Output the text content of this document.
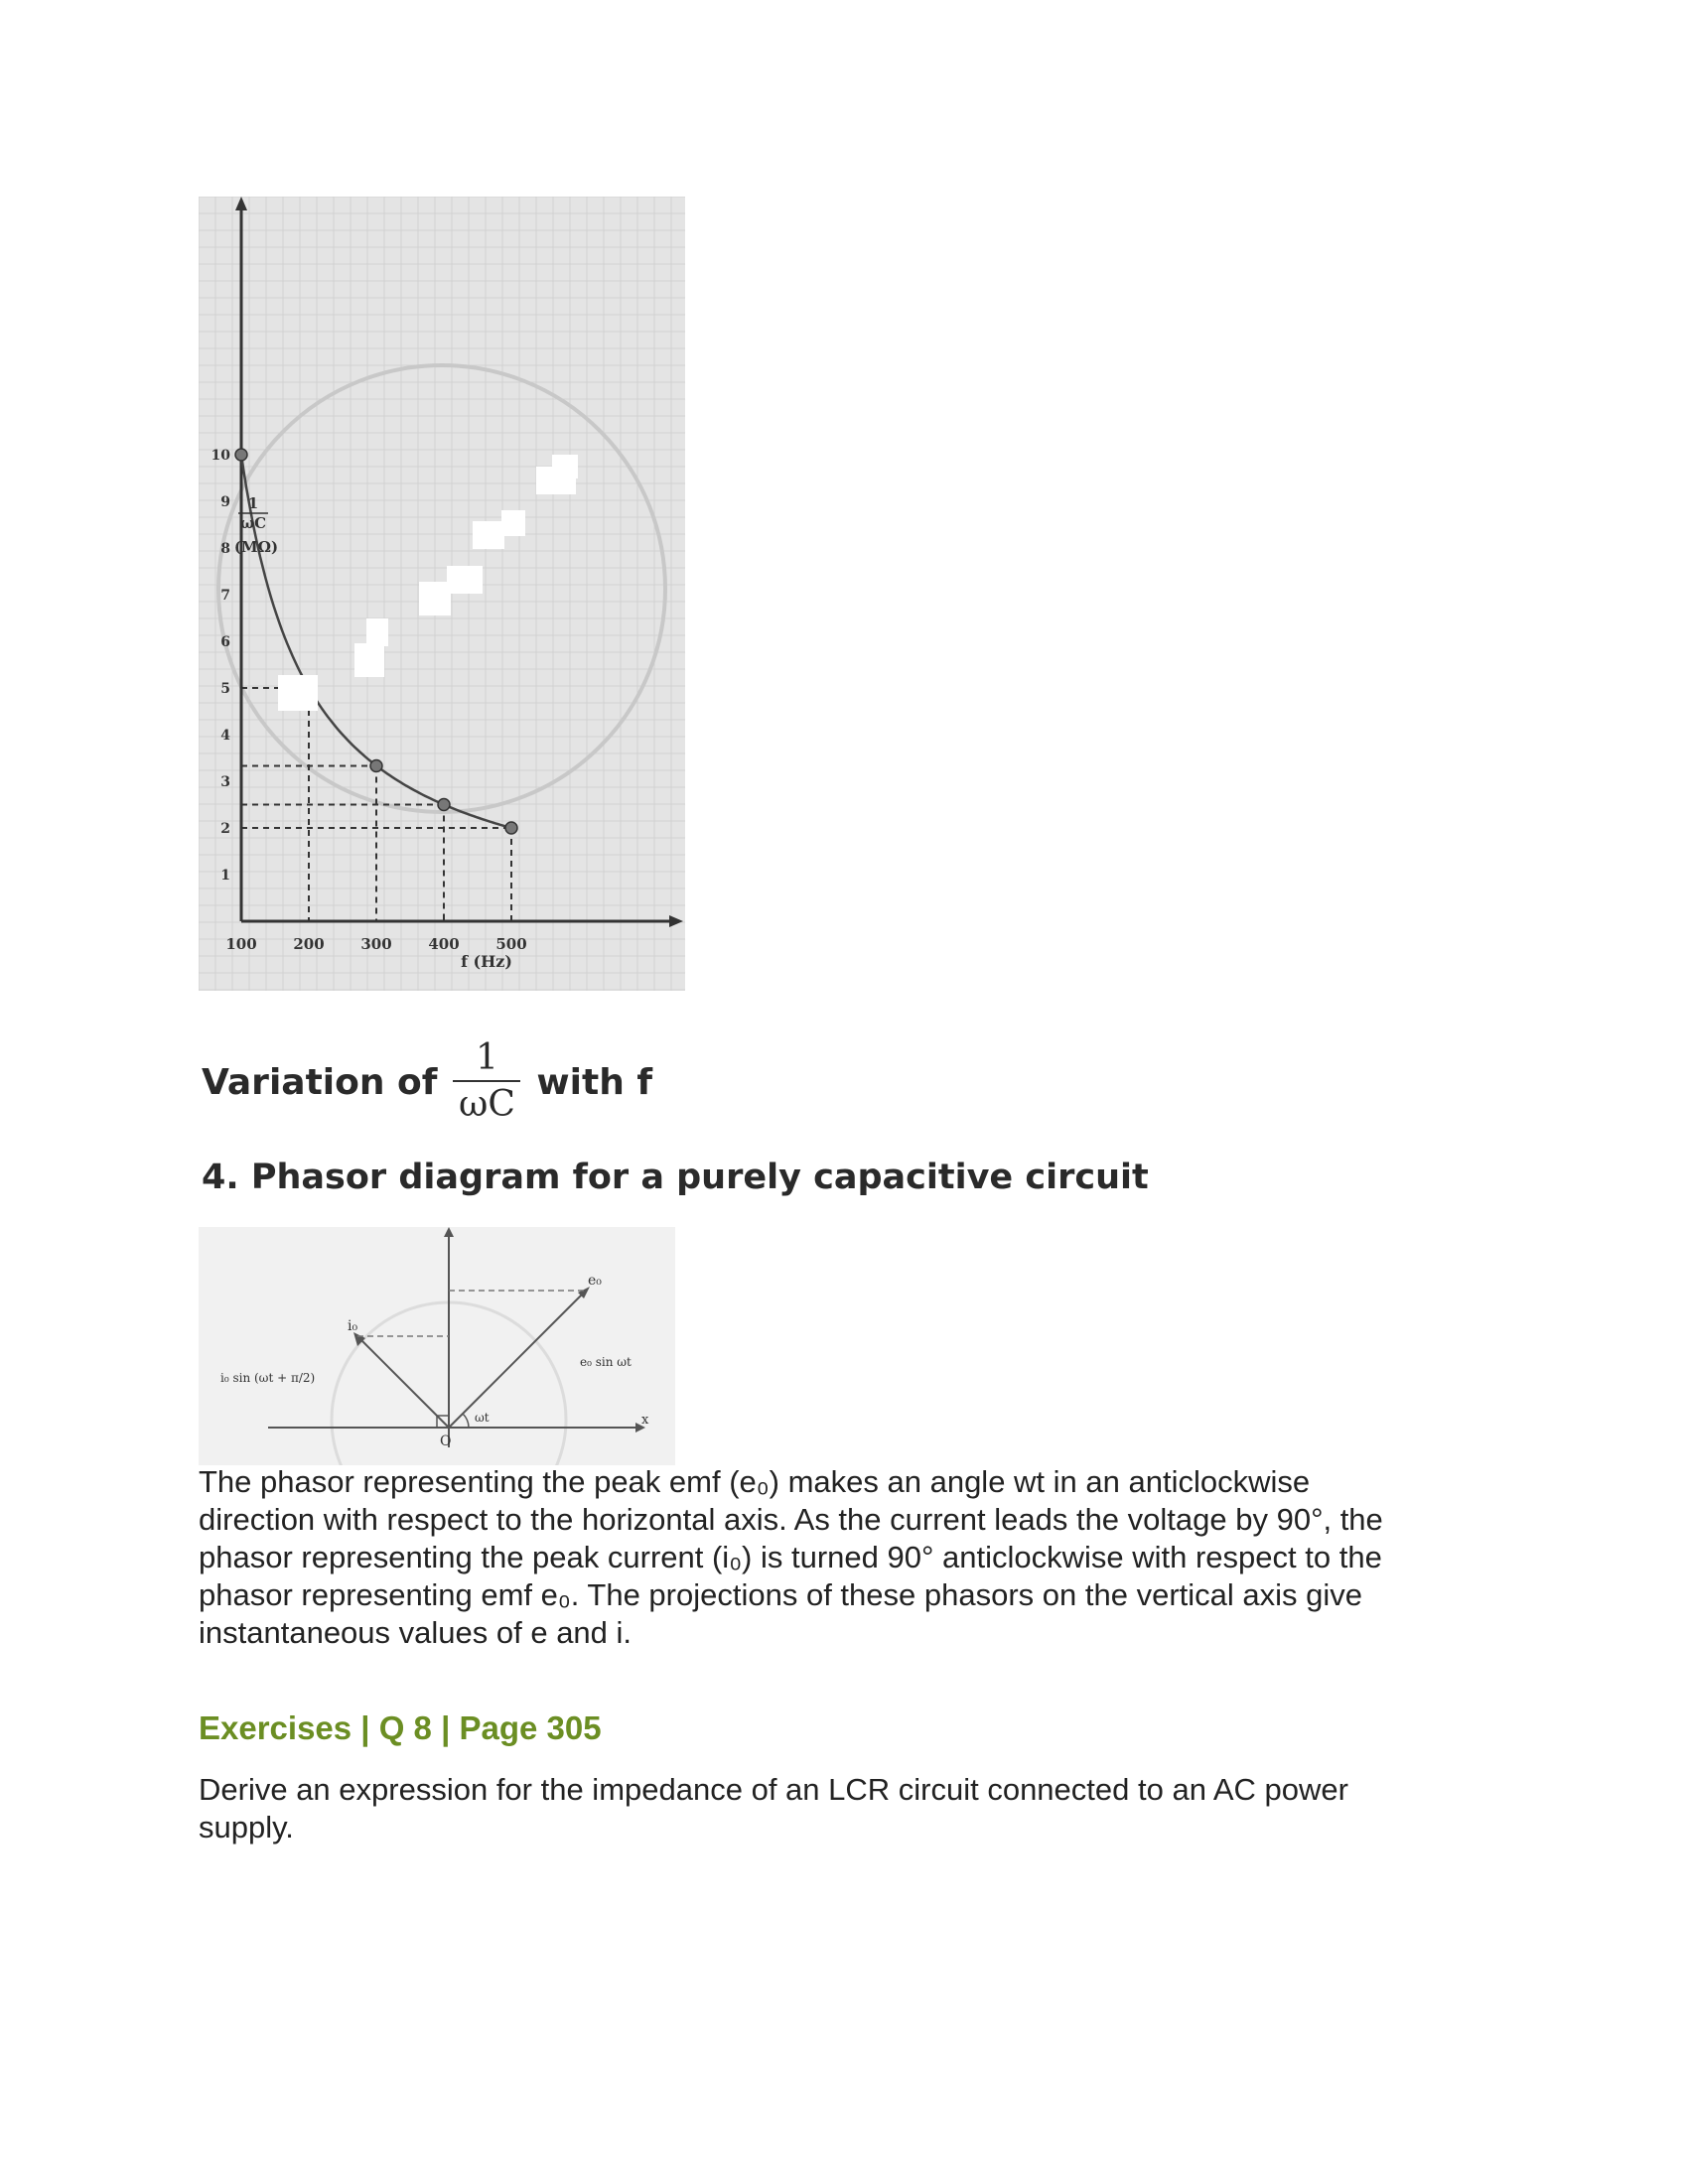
10
9
8
7
6
5
4
3
2
1
100 200 300 400 500
1
ωC
(MΩ)
f (Hz)
Variation of $\frac{1}{\omega C}$ with f
4. Phasor diagram for a purely capacitive circuit
i₀
e₀
i₀ sin (ωt + π/2)
e₀ sin ωt
ωt
O
x

The phasor representing the peak emf (e₀) makes an angle wt in an anticlockwise

direction with respect to the horizontal axis. As the current leads the voltage by 90°, the

phasor representing the peak current (i₀) is turned 90° anticlockwise with respect to the

phasor representing emf e₀. The projections of these phasors on the vertical axis give

instantaneous values of e and i.

Exercises | Q 8 | Page 305

Derive an expression for the impedance of an LCR circuit connected to an AC power

supply.
